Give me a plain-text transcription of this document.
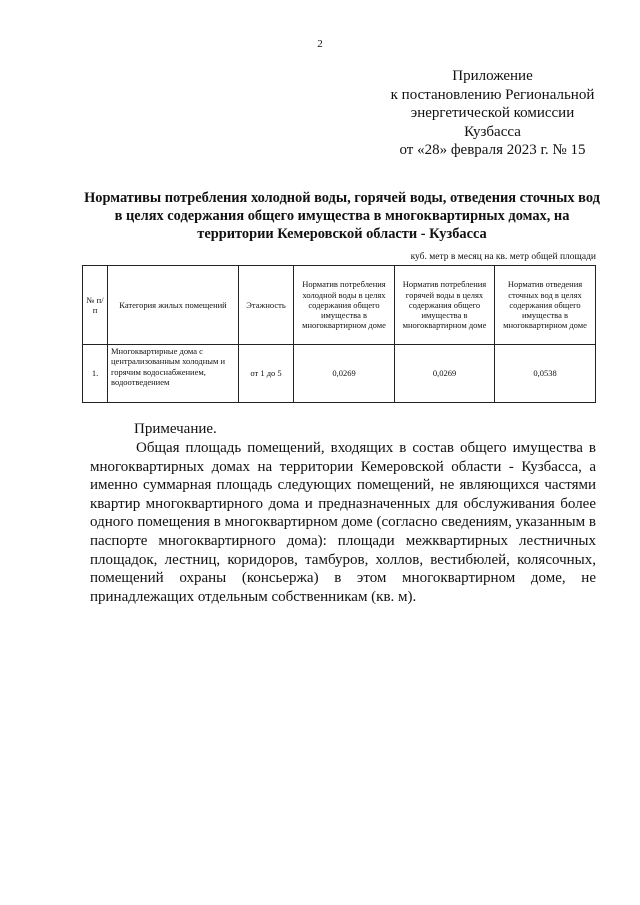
2
Приложение
к постановлению Региональной
энергетической комиссии
Кузбасса
от «28» февраля 2023 г. № 15
Нормативы потребления холодной воды, горячей воды, отведения сточных вод в целях содержания общего имущества в многоквартирных домах, на территории Кемеровской области - Кузбасса
куб. метр в месяц на кв. метр общей площади
№ п/п	Категория жилых помещений	Этажность	Норматив потребления холодной воды в целях содержания общего имущества в многоквартирном доме	Норматив потребления горячей воды в целях содержания общего имущества в многоквартирном доме	Норматив отведения сточных вод в целях содержания общего имущества в многоквартирном доме
1.	Многоквартирные дома с централизованным холодным и горячим водоснабжением, водоотведением	от 1 до 5	0,0269	0,0269	0,0538
Примечание.

Общая площадь помещений, входящих в состав общего имущества в многоквартирных домах на территории Кемеровской области - Кузбасса, а именно суммарная площадь следующих помещений, не являющихся частями квартир многоквартирного дома и предназначенных для обслуживания более одного помещения в многоквартирном доме (согласно сведениям, указанным в паспорте многоквартирного дома): площади межквартирных лестничных площадок, лестниц, коридоров, тамбуров, холлов, вестибюлей, колясочных, помещений охраны (консьержа) в этом многоквартирном доме, не принадлежащих отдельным собственникам (кв. м).
